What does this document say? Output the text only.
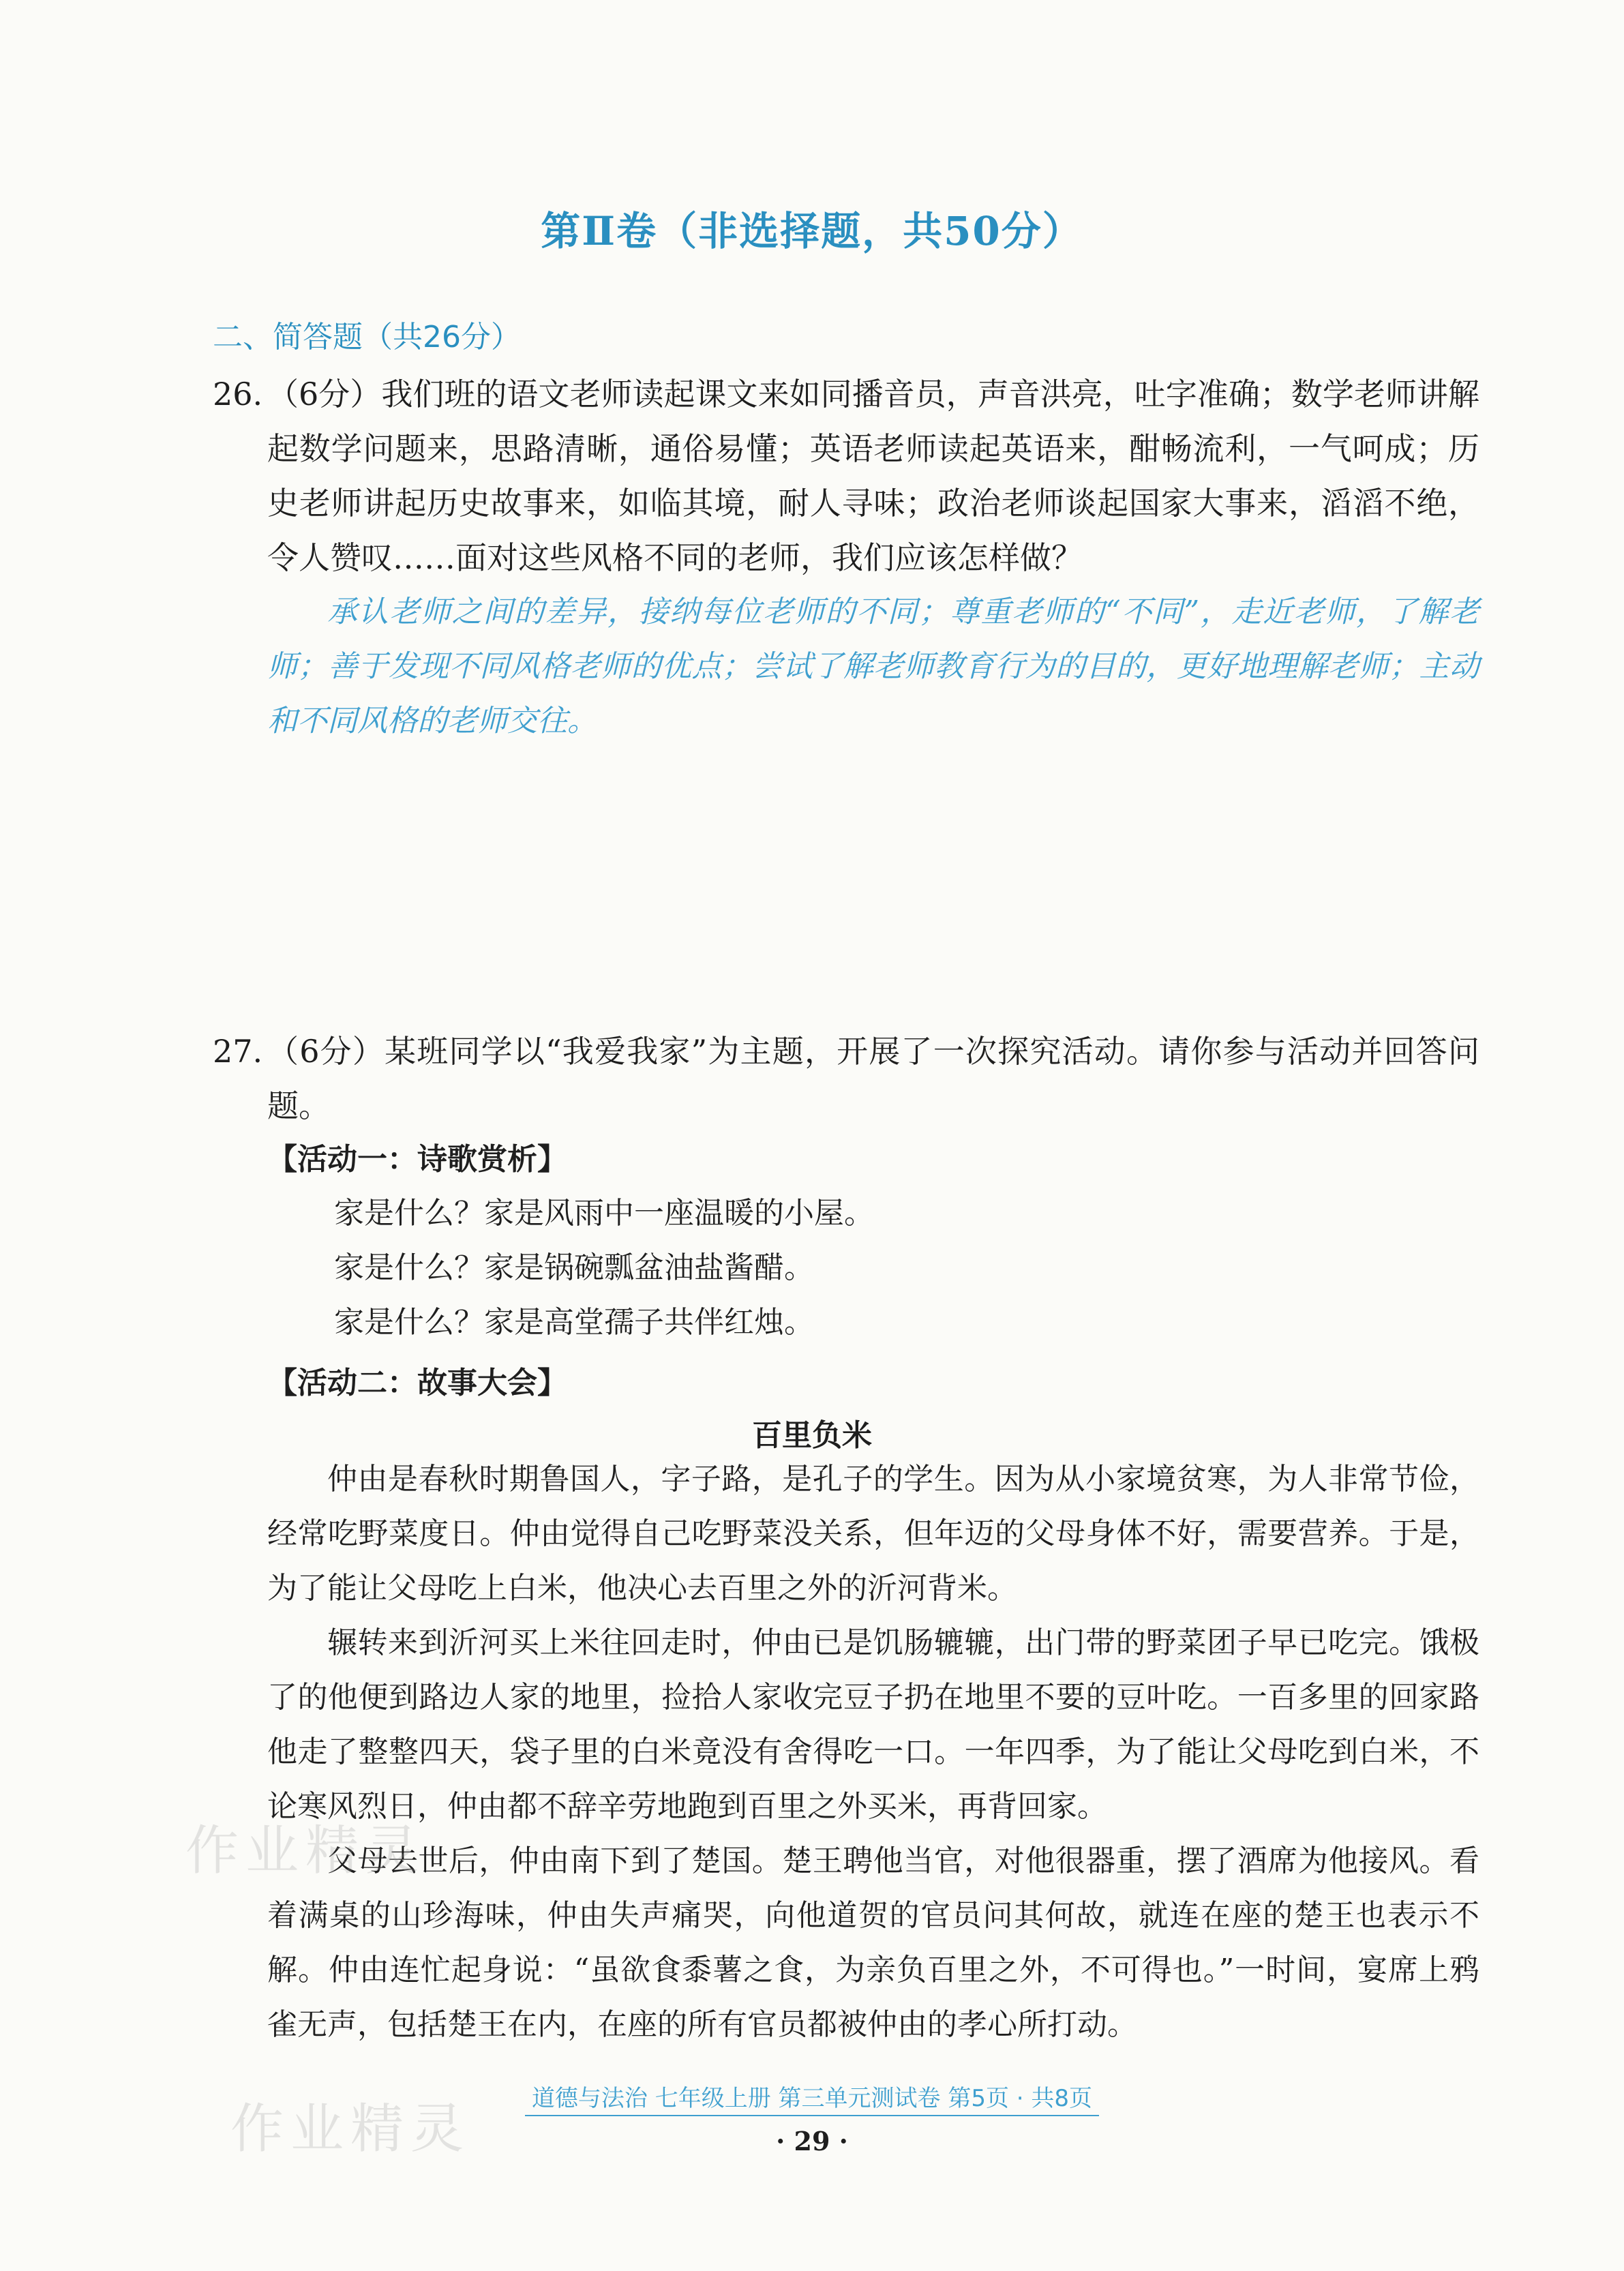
第Ⅱ卷（非选择题，共50分）
二、简答题（共26分）
26. （6分）我们班的语文老师读起课文来如同播音员，声音洪亮，吐字准确；数学老师讲解起数学问题来，思路清晰，通俗易懂；英语老师读起英语来，酣畅流利，一气呵成；历史老师讲起历史故事来，如临其境，耐人寻味；政治老师谈起国家大事来，滔滔不绝，令人赞叹……面对这些风格不同的老师，我们应该怎样做？
承认老师之间的差异，接纳每位老师的不同；尊重老师的“不同”，走近老师，了解老师；善于发现不同风格老师的优点；尝试了解老师教育行为的目的，更好地理解老师；主动和不同风格的老师交往。
27. （6分）某班同学以“我爱我家”为主题，开展了一次探究活动。请你参与活动并回答问题。
【活动一：诗歌赏析】
家是什么？家是风雨中一座温暖的小屋。
家是什么？家是锅碗瓢盆油盐酱醋。
家是什么？家是高堂孺子共伴红烛。
【活动二：故事大会】
百里负米

仲由是春秋时期鲁国人，字子路，是孔子的学生。因为从小家境贫寒，为人非常节俭，经常吃野菜度日。仲由觉得自己吃野菜没关系，但年迈的父母身体不好，需要营养。于是，为了能让父母吃上白米，他决心去百里之外的沂河背米。

辗转来到沂河买上米往回走时，仲由已是饥肠辘辘，出门带的野菜团子早已吃完。饿极了的他便到路边人家的地里，捡拾人家收完豆子扔在地里不要的豆叶吃。一百多里的回家路他走了整整四天，袋子里的白米竟没有舍得吃一口。一年四季，为了能让父母吃到白米，不论寒风烈日，仲由都不辞辛劳地跑到百里之外买米，再背回家。

父母去世后，仲由南下到了楚国。楚王聘他当官，对他很器重，摆了酒席为他接风。看着满桌的山珍海味，仲由失声痛哭，向他道贺的官员问其何故，就连在座的楚王也表示不解。仲由连忙起身说：“虽欲食黍薯之食，为亲负百里之外，不可得也。”一时间，宴席上鸦雀无声，包括楚王在内，在座的所有官员都被仲由的孝心所打动。

道德与法治 七年级上册 第三单元测试卷 第5页 · 共8页
· 29 ·
作业精灵
作业精灵
